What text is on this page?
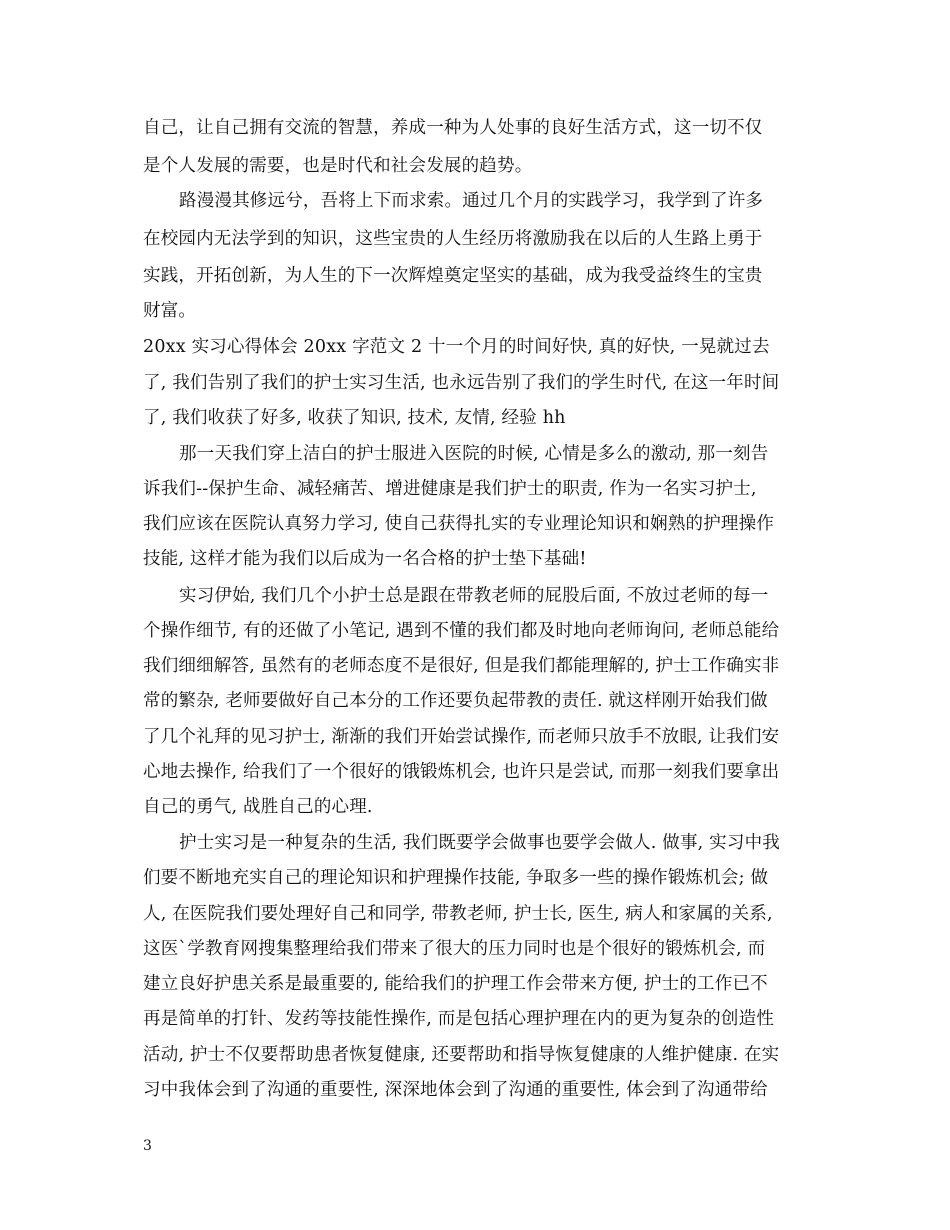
自己，让自己拥有交流的智慧，养成一种为人处事的良好生活方式，这一切不仅
是个人发展的需要，也是时代和社会发展的趋势。
路漫漫其修远兮，吾将上下而求索。通过几个月的实践学习，我学到了许多
在校园内无法学到的知识，这些宝贵的人生经历将激励我在以后的人生路上勇于
实践，开拓创新，为人生的下一次辉煌奠定坚实的基础，成为我受益终生的宝贵
财富。
20xx 实习心得体会 20xx 字范文 2 十一个月的时间好快, 真的好快, 一晃就过去
了, 我们告别了我们的护士实习生活, 也永远告别了我们的学生时代, 在这一年时间
了, 我们收获了好多, 收获了知识, 技术, 友情, 经验 hh
那一天我们穿上洁白的护士服进入医院的时候, 心情是多么的激动, 那一刻告
诉我们--保护生命、减轻痛苦、增进健康是我们护士的职责, 作为一名实习护士,
我们应该在医院认真努力学习, 使自己获得扎实的专业理论知识和娴熟的护理操作
技能, 这样才能为我们以后成为一名合格的护士垫下基础!
实习伊始, 我们几个小护士总是跟在带教老师的屁股后面, 不放过老师的每一
个操作细节, 有的还做了小笔记, 遇到不懂的我们都及时地向老师询问, 老师总能给
我们细细解答, 虽然有的老师态度不是很好, 但是我们都能理解的, 护士工作确实非
常的繁杂, 老师要做好自己本分的工作还要负起带教的责任. 就这样刚开始我们做
了几个礼拜的见习护士, 渐渐的我们开始尝试操作, 而老师只放手不放眼, 让我们安
心地去操作, 给我们了一个很好的饿锻炼机会, 也许只是尝试, 而那一刻我们要拿出
自己的勇气, 战胜自己的心理.
护士实习是一种复杂的生活, 我们既要学会做事也要学会做人. 做事, 实习中我
们要不断地充实自己的理论知识和护理操作技能, 争取多一些的操作锻炼机会; 做
人, 在医院我们要处理好自己和同学, 带教老师, 护士长, 医生, 病人和家属的关系,
这医`学教育网搜集整理给我们带来了很大的压力同时也是个很好的锻炼机会, 而
建立良好护患关系是最重要的, 能给我们的护理工作会带来方便, 护士的工作已不
再是简单的打针、发药等技能性操作, 而是包括心理护理在内的更为复杂的创造性
活动, 护士不仅要帮助患者恢复健康, 还要帮助和指导恢复健康的人维护健康. 在实
习中我体会到了沟通的重要性, 深深地体会到了沟通的重要性, 体会到了沟通带给
3
